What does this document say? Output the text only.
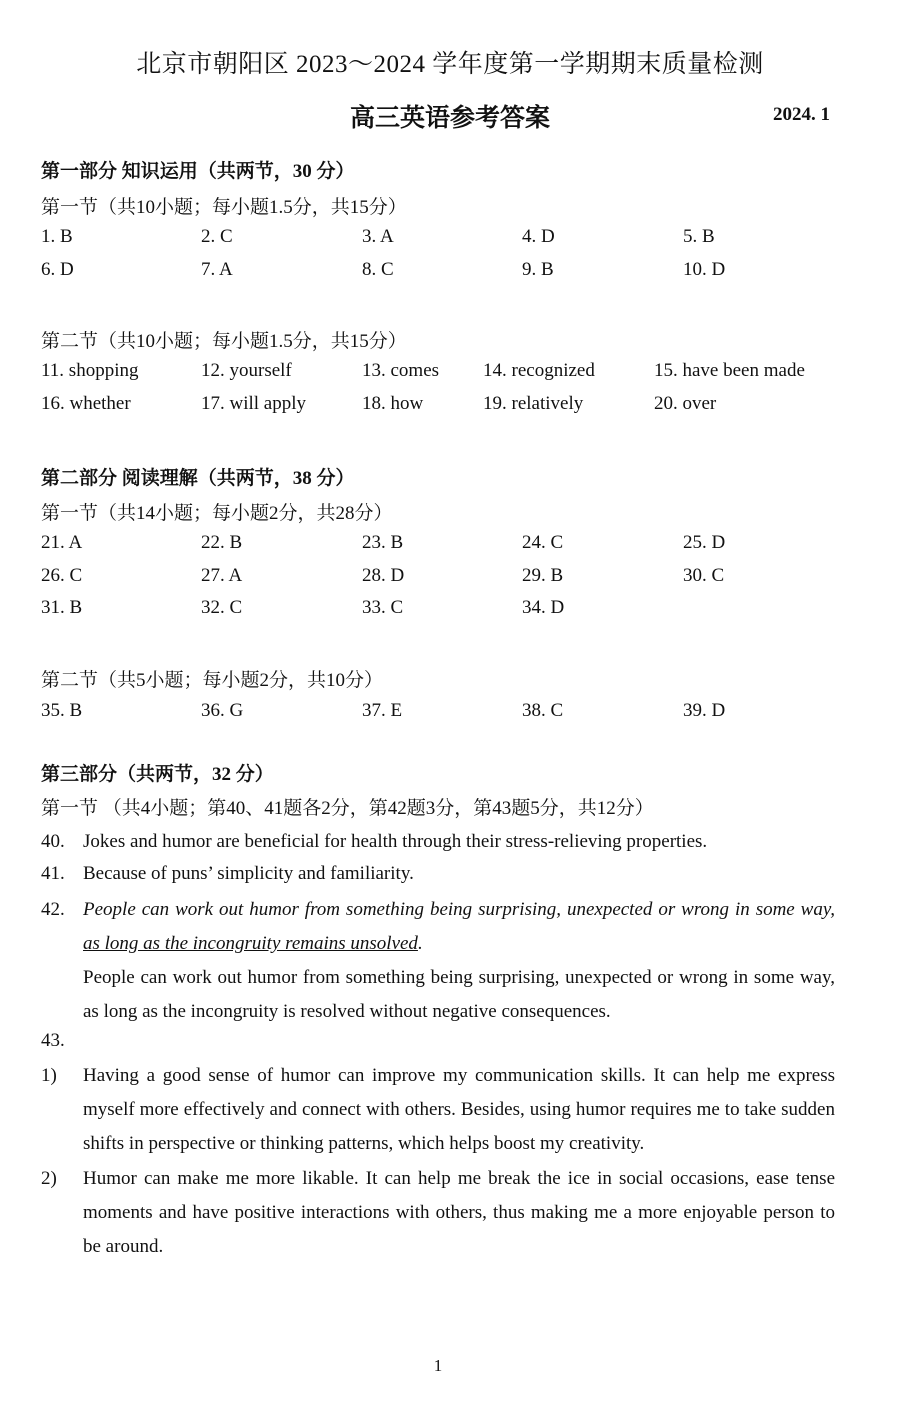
北京市朝阳区 2023～2024 学年度第一学期期末质量检测
高三英语参考答案	2024. 1
第一部分 知识运用（共两节，30 分）
第一节（共10小题；每小题1.5分，共15分）
1. B	2. C	3. A	4. D	5. B
6. D	7. A	8. C	9. B	10. D
第二节（共10小题；每小题1.5分，共15分）
11. shopping	12. yourself	13. comes 14. recognized	15. have been made
16. whether	17. will apply	18. how	19. relatively	20. over
第二部分 阅读理解（共两节，38 分）
第一节（共14小题；每小题2分，共28分）
21. A	22. B	23. B	24. C	25. D
26. C	27. A	28. D	29. B	30. C
31. B	32. C	33. C	34. D
第二节（共5小题；每小题2分，共10分）
35. B	36. G	37. E	38. C	39. D
第三部分（共两节，32 分）
第一节 （共4小题；第40、41题各2分，第42题3分，第43题5分，共12分）
40. Jokes and humor are beneficial for health through their stress-relieving properties.
41. Because of puns’ simplicity and familiarity.
42. People can work out humor from something being surprising, unexpected or wrong in some way, as long as the incongruity remains unsolved.
People can work out humor from something being surprising, unexpected or wrong in some way, as long as the incongruity is resolved without negative consequences.
43.

1) Having a good sense of humor can improve my communication skills. It can help me express myself more effectively and connect with others. Besides, using humor requires me to take sudden shifts in perspective or thinking patterns, which helps boost my creativity.
2) Humor can make me more likable. It can help me break the ice in social occasions, ease tense moments and have positive interactions with others, thus making me a more enjoyable person to be around.
1
